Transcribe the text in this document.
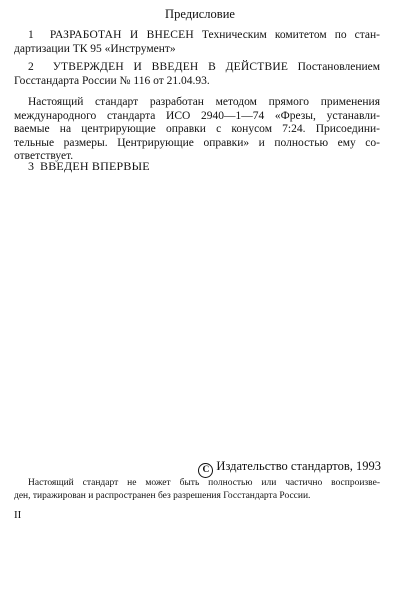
Предисловие

1 РАЗРАБОТАН И ВНЕСЕН Техническим комитетом по стан-
дартизации ТК 95 «Инструмент»

2 УТВЕРЖДЕН И ВВЕДЕН В ДЕЙСТВИЕ Постановлением
Госстандарта России № 116 от 21.04.93.

Настоящий стандарт разработан методом прямого применения
международного стандарта ИСО 2940—1—74 «Фрезы, устанавли-
ваемые на центрирующие оправки с конусом 7:24. Присоедини-
тельные размеры. Центрирующие оправки» и полностью ему со-
ответствует.

3 ВВЕДЕН ВПЕРВЫЕ

C Издательство стандартов, 1993

Настоящий стандарт не может быть полностью или частично воспроизве-
ден, тиражирован и распространен без разрешения Госстандарта России.

II
